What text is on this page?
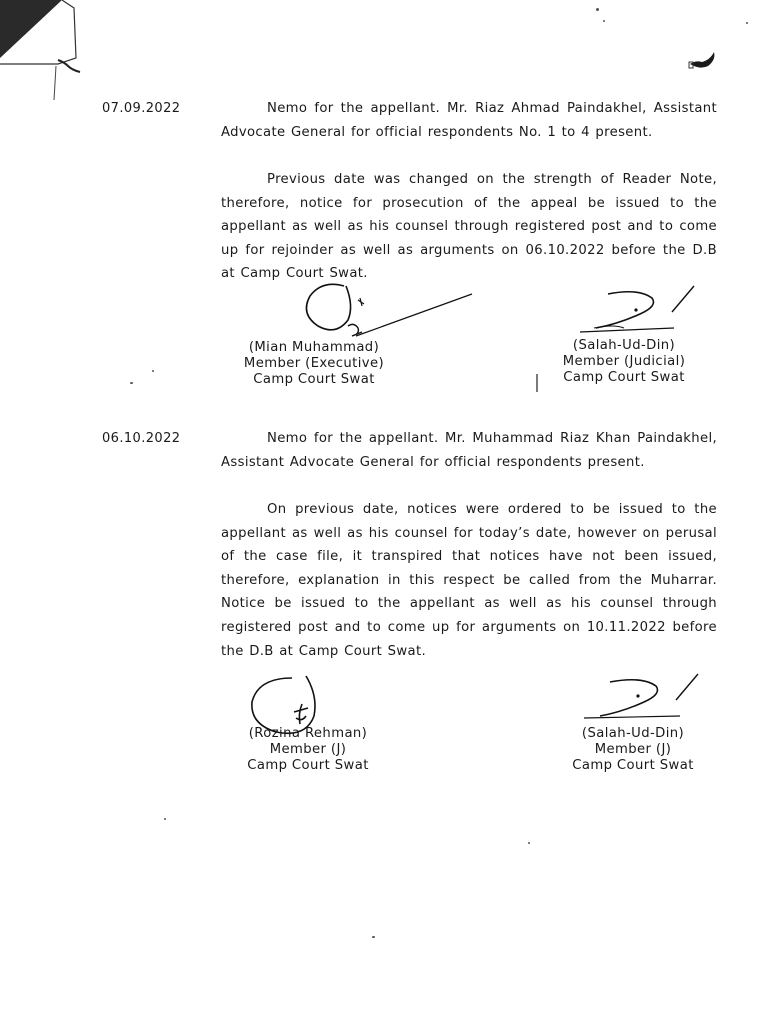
07.09.2022	Nemo for the appellant. Mr. Riaz Ahmad Paindakhel, Assistant Advocate General for official respondents No. 1 to 4 present.

Previous date was changed on the strength of Reader Note, therefore, notice for prosecution of the appeal be issued to the appellant as well as his counsel through registered post and to come up for rejoinder as well as arguments on 06.10.2022 before the D.B at Camp Court Swat.

(Mian Muhammad)
Member (Executive)
Camp Court Swat
(Salah-Ud-Din)
Member (Judicial)
Camp Court Swat
06.10.2022	Nemo for the appellant. Mr. Muhammad Riaz Khan Paindakhel, Assistant Advocate General for official respondents present.

On previous date, notices were ordered to be issued to the appellant as well as his counsel for today’s date, however on perusal of the case file, it transpired that notices have not been issued, therefore, explanation in this respect be called from the Muharrar. Notice be issued to the appellant as well as his counsel through registered post and to come up for arguments on 10.11.2022 before the D.B at Camp Court Swat.

(Rozina Rehman)
Member (J)
Camp Court Swat
(Salah-Ud-Din)
Member (J)
Camp Court Swat
